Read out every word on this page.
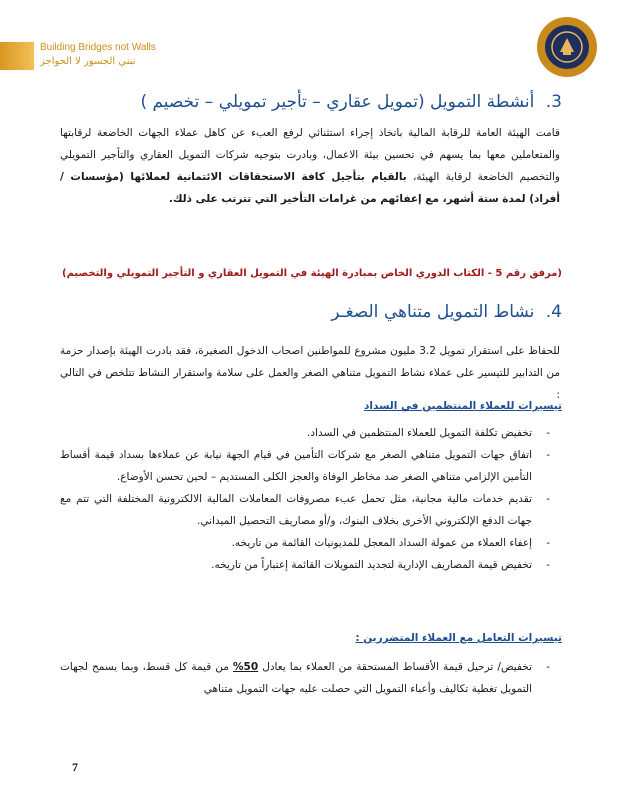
Building Bridges not Walls
نبني الجسور لا الحواجز
3. أنشطة التمويل (تمويل عقاري – تأجير تمويلي – تخصيم )
قامت الهيئة العامة للرقابة المالية باتخاذ إجراء استثنائي لرفع العبء عن كاهل عملاء الجهات الخاضعة لرقابتها والمتعاملين معها بما يسهم في تحسين بيئة الاعمال، وبادرت بتوجيه شركات التمويل العقاري والتأجير التمويلي والتخصيم الخاضعة لرقابة الهيئة، بالقيام بتأجيل كافة الاستحقاقات الائتمانية لعملائها (مؤسسات / أفراد) لمدة ستة أشهر، مع إعفائهم من غرامات التأخير التي تترتب على ذلك.
(مرفق رقم 5 - الكتاب الدوري الخاص بمبادرة الهيئة في التمويل العقاري و التأجير التمويلي والتخصيم)
4. نشاط التمويل متناهي الصغـر
للحفاظ على استقرار تمويل 3.2 مليون مشروع للمواطنين اصحاب الدخول الصغيرة، فقد بادرت الهيئة بإصدار حزمة من التدابير للتيسير على عملاء نشاط التمويل متناهي الصغر والعمل على سلامة واستقرار النشاط تتلخص في التالي :
تيسيرات للعملاء المنتظمين في السداد
-
تخفيض تكلفة التمويل للعملاء المنتظمين في السداد.
-
اتفاق جهات التمويل متناهي الصغر مع شركات التأمين في قيام الجهة نيابة عن عملاءها بسداد قيمة أقساط التأمين الإلزامي متناهي الصغر ضد مخاطر الوفاة والعجز الكلى المستديم – لحين تحسن الأوضاع.
-
تقديم خدمات مالية مجانية، مثل تحمل عبء مصروفات المعاملات المالية الالكترونية المختلفة التي تتم مع جهات الدفع الإلكتروني الأخرى بخلاف البنوك، و/أو مصاريف التحصيل الميداني.
-
إعفاء العملاء من عمولة السداد المعجل للمديونيات القائمة من تاريخه.
-
تخفيض قيمة المصاريف الإدارية لتجديد التمويلات القائمة إعتباراً من تاريخه.
تيسيرات التعامل مع العملاء المتضررين :
-
تخفيض/ ترحيل قيمة الأقساط المستحقة من العملاء بما يعادل 50% من قيمة كل قسط، وبما يسمح لجهات التمويل تغطية تكاليف وأعباء التمويل التي حصلت عليه جهات التمويل متناهي
7
